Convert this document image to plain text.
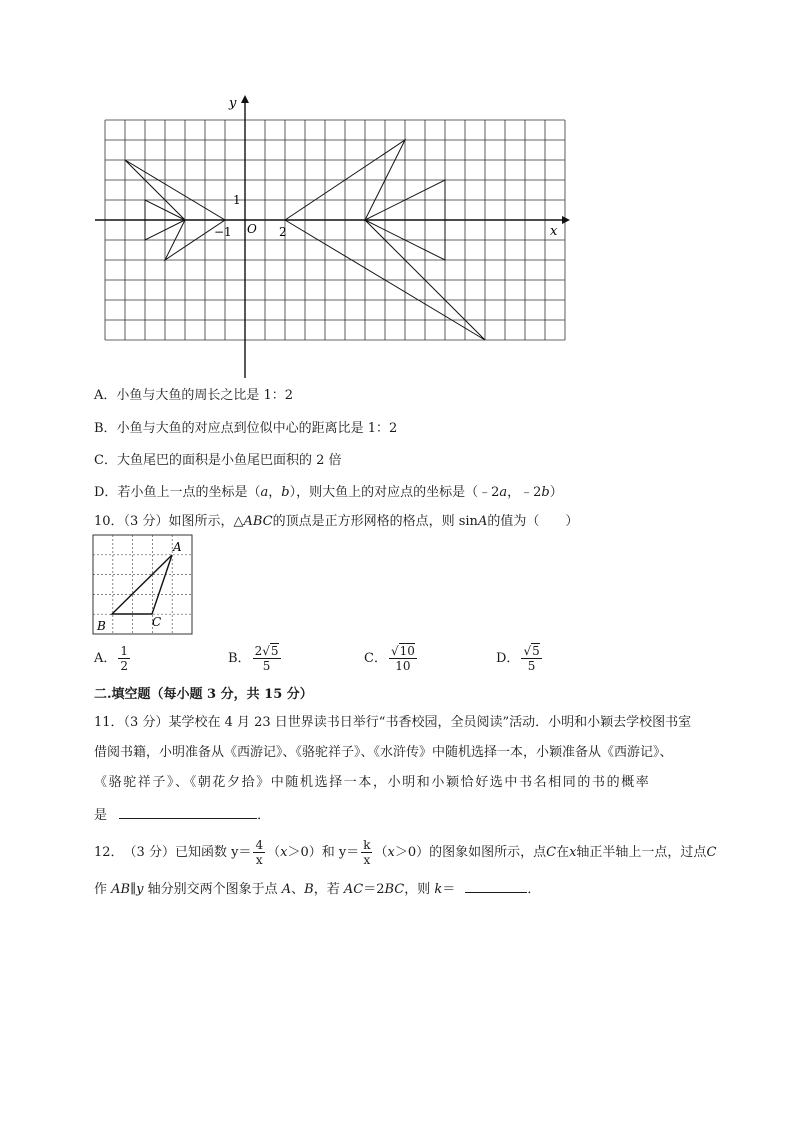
y
x
O
−1
1
2
A．小鱼与大鱼的周长之比是 1：2
B．小鱼与大鱼的对应点到位似中心的距离比是 1：2
C．大鱼尾巴的面积是小鱼尾巴面积的 2 倍
D．若小鱼上一点的坐标是（a，b），则大鱼上的对应点的坐标是（﹣2a，﹣2b）
10．（3 分）如图所示，△ABC的顶点是正方形网格的格点，则 sinA的值为（　　）
A
B	C
A． $\frac{1}{2}$	B． $\frac{2√5}{5}$	C． $\frac{√10}{10}$	D． $\frac{√5}{5}$
二.填空题（每小题 3 分，共 15 分）
11．（3 分）某学校在 4 月 23 日世界读书日举行“书香校园，全员阅读”活动．小明和小颖去学校图书室
借阅书籍，小明准备从《西游记》、《骆驼祥子》、《水浒传》中随机选择一本，小颖准备从《西游记》、
《骆驼祥子》、《朝花夕拾》中随机选择一本，小明和小颖恰好选中书名相同的书的概率
是	．
12． （3 分） 已知函数 $y= \frac{4}{x}$ （ x ＞0）和 $y= \frac{k}{x}$ （ x ＞0）的图象如图所示，点 C 在 x 轴正半轴上一点，过点 C
作 AB∥y 轴分别交两个图象于点 A、B，若 AC＝2BC，则 k＝	．
